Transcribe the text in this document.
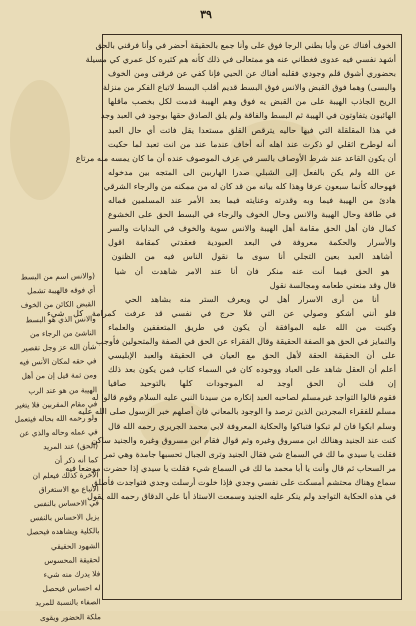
٣٩
(والانس اسم من البسط
أي فوقه فالهيبة تشمل
القبض الكائن من الخوف
والانس الذي هو البسط
الناشئ من الرجاء من
شأن الله عز وجل تقصير
في حقه لمكان الأنس فيه
ومن ثمة قيل إن من أهل
الهيبة من هو عند الرب
في مقام المقربين فلا يتغير
ولو رحمه الله بحاله فيتعمل
في عمله وحاله والذي عن
(الحق) عند المريد
كما أنه ذكر أن
الآخرة كذلك فيعلم ان
الاتباع مع الاستغراق
في الاحساس بالنفس
يزيل الاحساس بالنفس
بالكلية ويشاهده فيحصل
الشهود الحقيقي
لحقيقة المحسوس
فلا يدرك منه شيء
له احساس فيحصل
الصفاء بالنسبة للمريد
ملكة الحضور ويقوى
الخوف أفناك عن وأبا بطني الرجا فوق على وأنا جمع بالحقيقة أحضر في وأنا فرقني بالحق
أشهد نفسي فيه عدوى فغطاني عنه هو ممتعالى في ذلك كأنه هم كثيره كل عمري كي مسيلة
بحضوري أشوق قلم وجودي فقلبه أفناك عن الحيي فإنا كفي عن فرقتى ومن الخوف
والبسى) وهما فوق القبض والانس فوق البسط قديم أقلب البسط لاتباع الفكر من منزلة
الريح الجاذب الهيبة على من القبض يه فوق وهم الهيبة قدمت لكل بخصب ماقلها
الهائبون يتفاوتون في الهيبة ثم البسط والفاقة ولم يلق الصادق حقها بوجود في العبد وجد
في هذا المقلقلة التي فيها حاليه يترقص القلق مستعدا يقل فاتت أي حال العبد
أنه لوطرح اثقلي لو ذكرت عند اهله أنه أخاف عندما عند من انت تعبد لما حكيت
أن يكون القاعد عند شرط الأوصاف بالسر في عرف الموصوف عنده أن ما كان يمسه منه مرتاع
عن الله ولم يكن بالفعل إلى الشبلي صدرا الهاربين الى المتجه بين مدخوله
فهوحاله كأنما سبعون عرفا وهذا كله بيانه من قد كان له من ممكنه من والرجاء الشرقي
هادئ من الهيبة فيما وبه وقدرته وعنايته فيما بعد الأمر عند المسلمين فماله
في طاقة وحال الهيبة والانس وحال الخوف والرجاء في البسط الحق على الخشوع
كمال فان أهل الحق مقامة أهل الهيبة والانس سوية والخوف في البدايات والسر
والأسرار والحكمة معروفة في البعد العبودية فعقدتي كمقامة اقول
أشاهد العبد بعين التجلي أنا سوى ما نقول الناس فيه من الظنون
هو الحق فيما أنت عنه منكر فان أنا عند الامر شاهدت أن شيا
قال وقد منعني طعامه ومجالسة نقول
أنا من أرى الاسرار أهل لي ويعرف الستر منه بشاهد الحي
فلو أنني أشكو وصولي عن التي فلا حرج في نفسي قد عرفت كمرامة كل شيء
وكتبت من الله عليه الموافقة أن يكون في طريق المتعففين والعلماء
والتمايز في الحق هو الصفة الحقيقة وقال الفقراء عن الحق في الصفة والمتحولين فأوجب
على أن الحقيقة الحقة لأهل الحق مع العيان في الحقيقة والعبد الإبليسي
أعلم أن العقل شاهد على العباد ووجوده كان في السماء كتاب فمن يكون بعد ذلك
إن قلت أن الحق أوجد له الموجودات كلها بالتوحيد صافيا
فقوم قالوا التواجد غيرمسلم لصاحبه العبد إنكاره من سيدنا النبي عليه السلام وقوم قالوا له
مسلم للفقراء المجردين الذين ترصد وا الوجود بالمعاني فان أصلهم خبر الرسول صلى الله عليه
وسلم ابكوا فان لم تبكوا فتباكوا والحكاية المعروفة لابي محمد الجريري رحمه الله قال
كنت عند الجنيد وهنالك ابن مسروق وغيره وثم قوال فقام ابن مسروق وغيره والجنيد ساكن
فقلت يا سيدي ما لك في السماع شي فقال الجنيد وترى الجبال تحسبها جامدة وهي تمر
مر السحاب ثم قال وأنت يا أبا محمد ما لك في السماع شيء فقلت يا سيدي إذا حضرت موضعا فيه
سماع وهناك محتشم أمسكت على نفسي وجدي فإذا خلوت أرسلت وجدي فتواجدت فأطلق
في هذه الحكاية التواجد ولم ينكر عليه الجنيد وسمعت الاستاذ أبا علي الدقاق رحمه الله يقول
